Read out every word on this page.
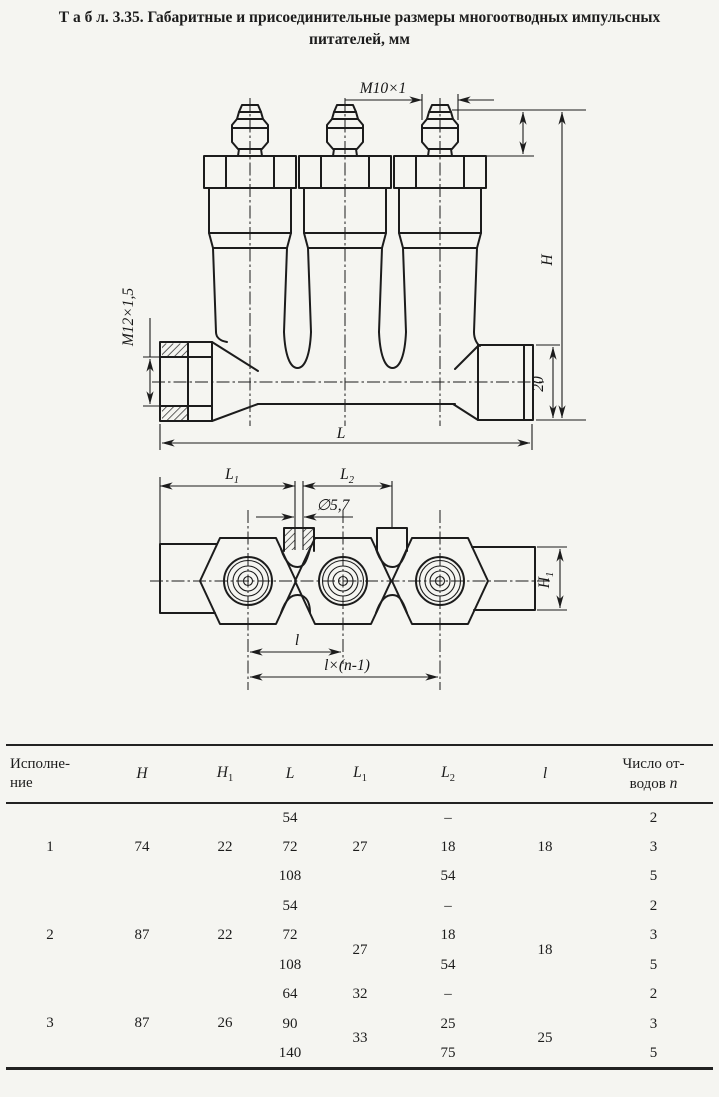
Т а б л. 3.35. Габаритные и присоединительные размеры многоотводных импульсных
питателей, мм
M10×1
H
20
L
M12×1,5
$L_1$	$L_2$
∅5,7
$H_1$
l
l×(n-1)
Исполне-
ние	H	$H_1$	L	$L_1$	$L_2$	l	Число от-
водов n
1	74	22	54	27	–	18	2
			72		18		3
			108		54		5
2	87	22	54		–		2
			72	27	18	18	3
			108		54		5
3	87	26	64	32	–		2
			90	33	25	25	3
			140		75		5
